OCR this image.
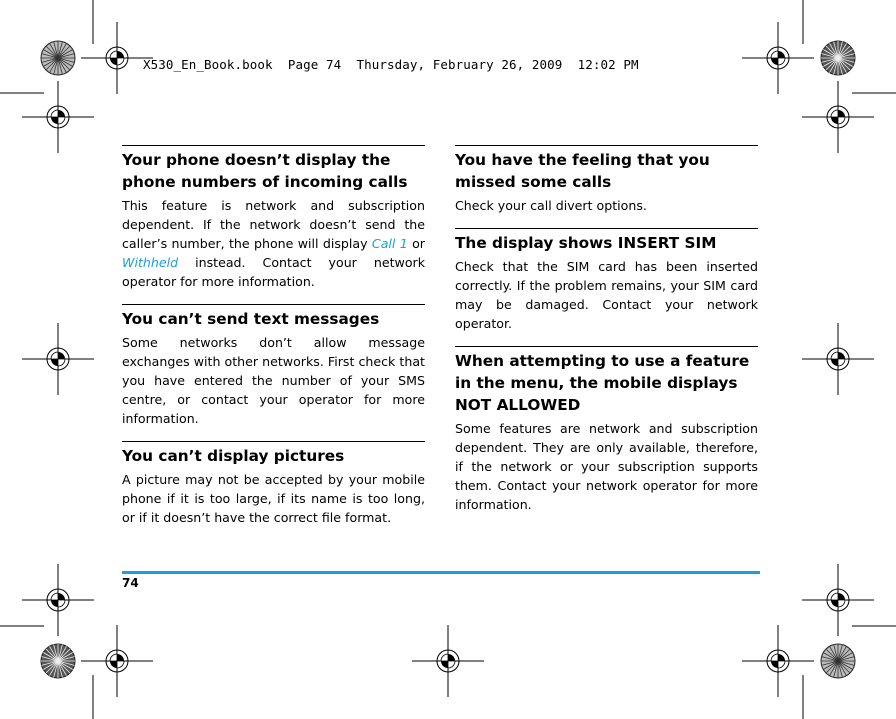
X530_En_Book.book  Page 74  Thursday, February 26, 2009  12:02 PM
Your phone doesn’t display the phone numbers of incoming calls

This feature is network and subscription dependent. If the network doesn’t send the caller’s number, the phone will display Call 1 or Withheld instead. Contact your network operator for more information.

You can’t send text messages

Some networks don’t allow message exchanges with other networks. First check that you have entered the number of your SMS centre, or contact your operator for more information.

You can’t display pictures

A picture may not be accepted by your mobile phone if it is too large, if its name is too long, or if it doesn’t have the correct file format.

You have the feeling that you missed some calls

Check your call divert options.

The display shows INSERT SIM

Check that the SIM card has been inserted correctly. If the problem remains, your SIM card may be damaged. Contact your network operator.

When attempting to use a feature in the menu, the mobile displays NOT ALLOWED

Some features are network and subscription dependent. They are only available, therefore, if the network or your subscription supports them. Contact your network operator for more information.

74
